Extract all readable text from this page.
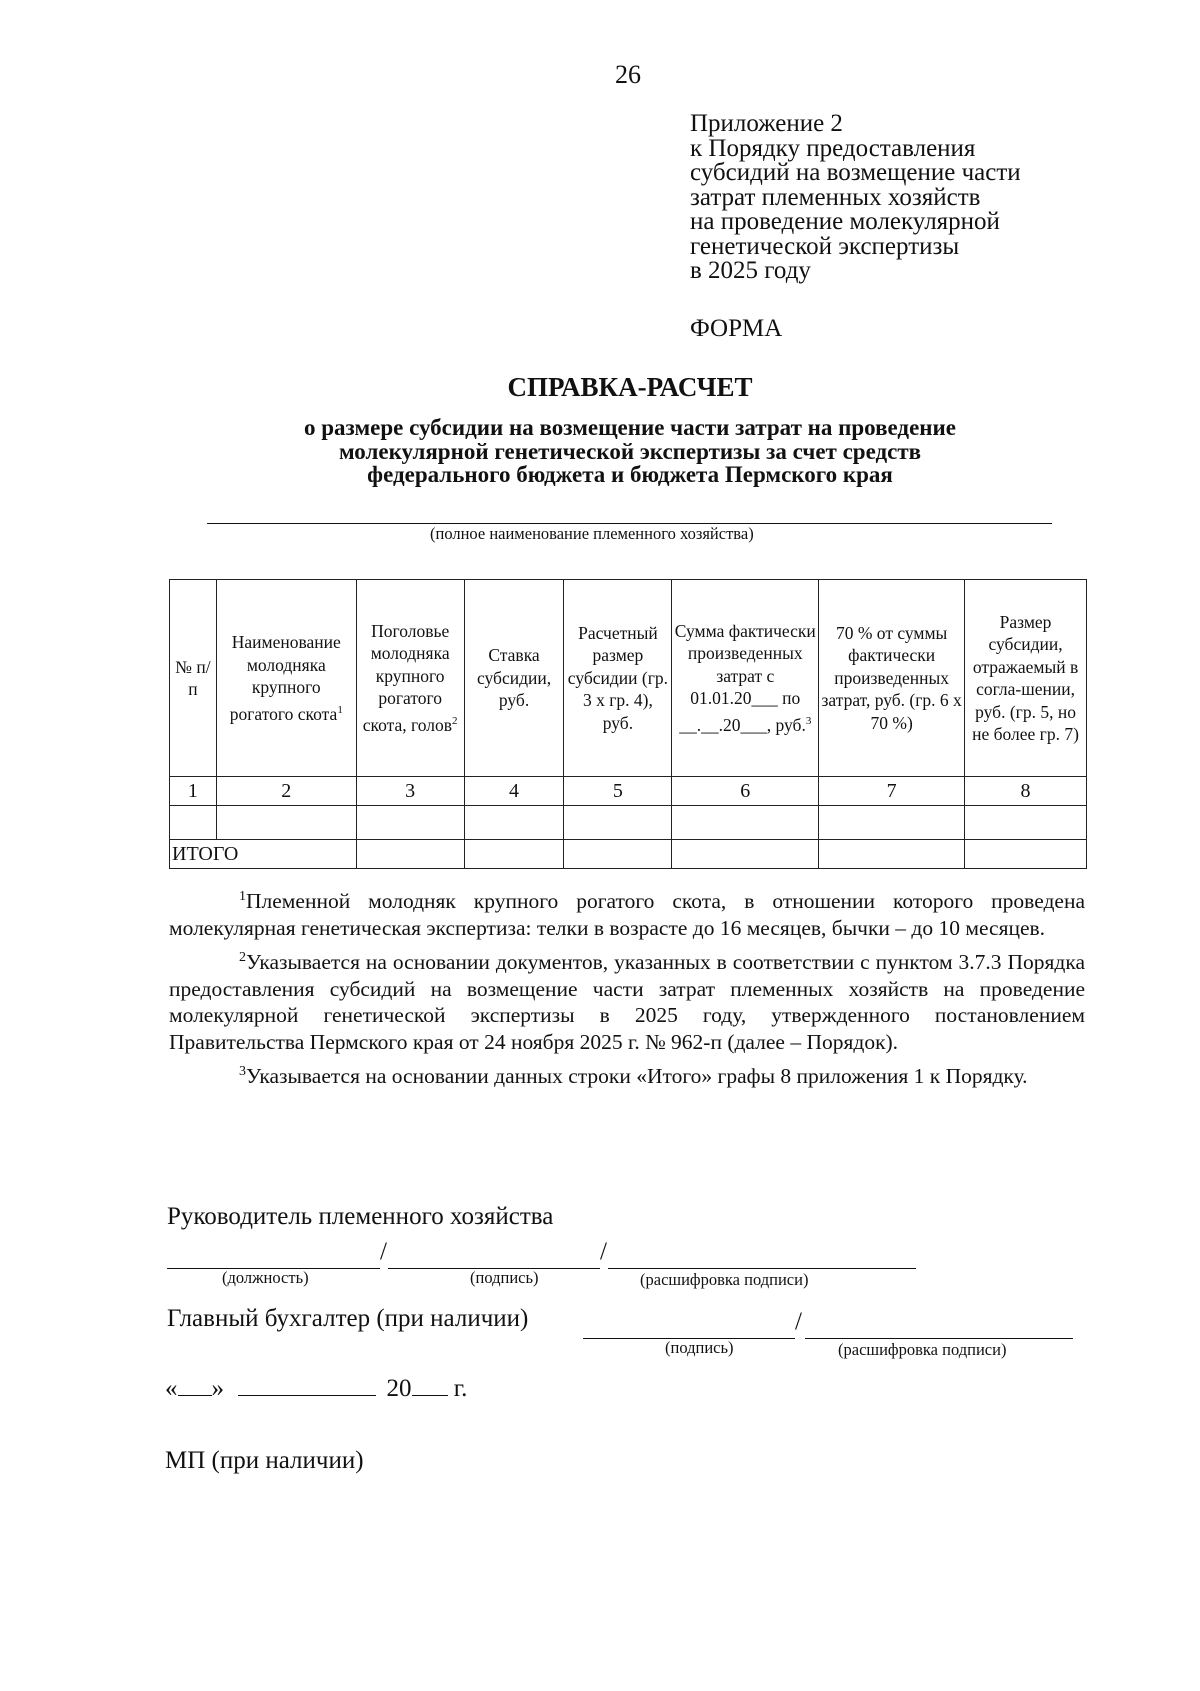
26
Приложение 2
к Порядку предоставления
субсидий на возмещение части
затрат племенных хозяйств
на проведение молекулярной
генетической экспертизы
в 2025 году
ФОРМА
СПРАВКА-РАСЧЕТ
о размере субсидии на возмещение части затрат на проведение
молекулярной генетической экспертизы за счет средств
федерального бюджета и бюджета Пермского края
(полное наименование племенного хозяйства)
№ п/п	Наименование молодняка крупного рогатого скота$^1$	Поголовье молодняка крупного рогатого скота, голов$^2$	Ставка субсидии, руб.	Расчетный размер субсидии (гр. 3 х гр. 4), руб.	Сумма фактически произведенных затрат с 01.01.20___ по __.__.20___, руб.$^3$	70 % от суммы фактически произведенных затрат, руб. (гр. 6 х 70 %)	Размер субсидии, отражаемый в согла-шении, руб. (гр. 5, но не более гр. 7)
1	2	3	4	5	6	7	8

ИТОГО							

$^1$Племенной молодняк крупного рогатого скота, в отношении которого проведена молекулярная генетическая экспертиза: телки в возрасте до 16 месяцев, бычки – до 10 месяцев.

$^2$Указывается на основании документов, указанных в соответствии с пунктом 3.7.3 Порядка предоставления субсидий на возмещение части затрат племенных хозяйств на проведение молекулярной генетической экспертизы в 2025 году, утвержденного постановлением Правительства Пермского края от 24 ноября 2025 г. № 962-п (далее – Порядок).

$^3$Указывается на основании данных строки «Итого» графы 8 приложения 1 к Порядку.

Руководитель племенного хозяйства
/	/
(должность)	(подпись)	(расшифровка подписи)
Главный бухгалтер (при наличии)	/
(подпись)	(расшифровка подписи)
« »	20 г.
МП (при наличии)
